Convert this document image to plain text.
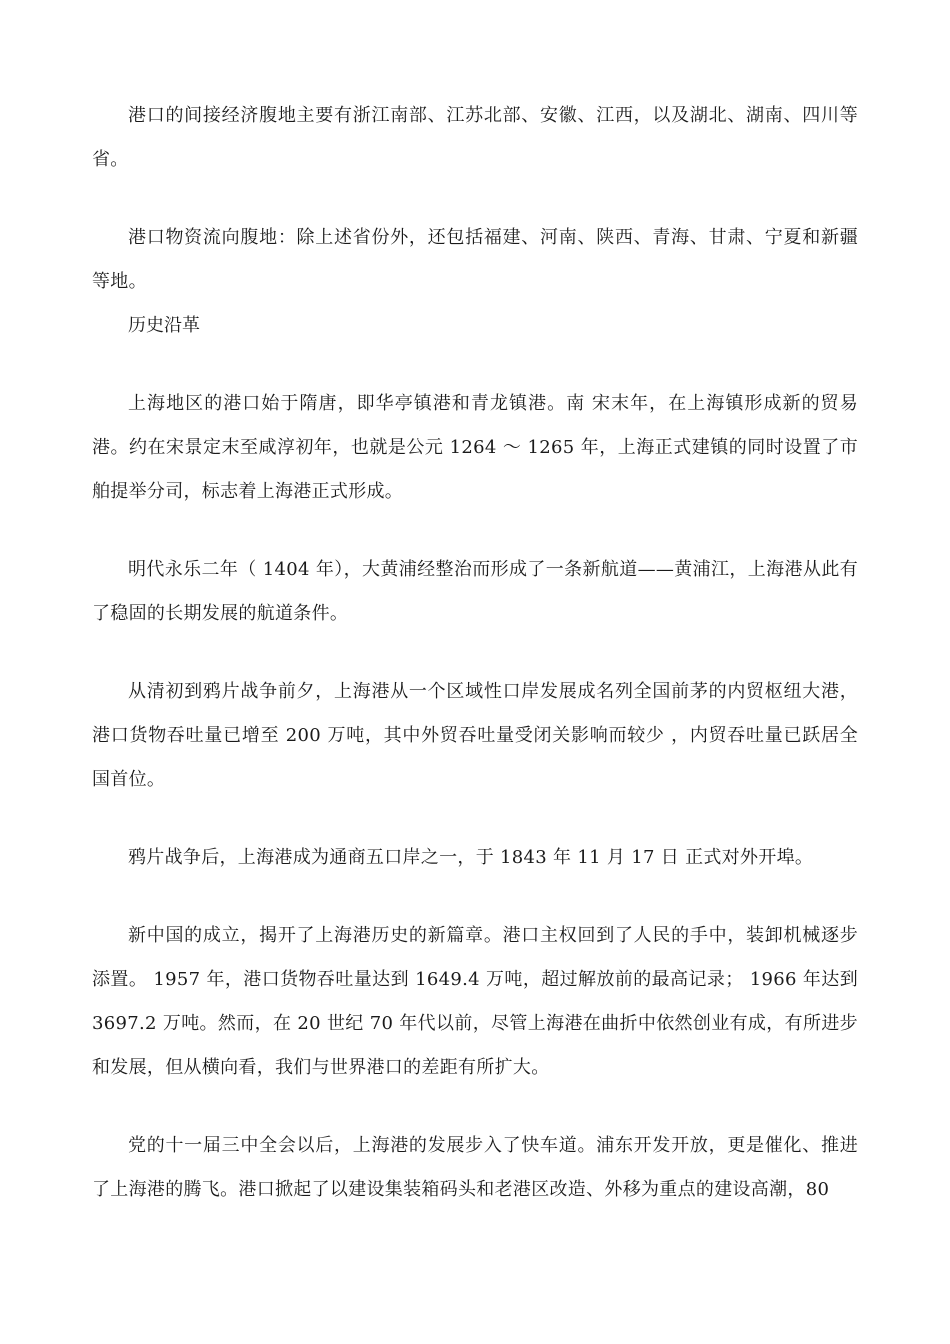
港口的间接经济腹地主要有浙江南部、江苏北部、安徽、江西，以及湖北、湖南、四川等省。

港口物资流向腹地：除上述省份外，还包括福建、河南、陕西、青海、甘肃、宁夏和新疆等地。

历史沿革

上海地区的港口始于隋唐，即华亭镇港和青龙镇港。南 宋末年，在上海镇形成新的贸易港。约在宋景定末至咸淳初年，也就是公元 1264 ～ 1265 年，上海正式建镇的同时设置了市舶提举分司，标志着上海港正式形成。

明代永乐二年（ 1404 年），大黄浦经整治而形成了一条新航道——黄浦江，上海港从此有了稳固的长期发展的航道条件。

从清初到鸦片战争前夕，上海港从一个区域性口岸发展成名列全国前茅的内贸枢纽大港，港口货物吞吐量已增至 200 万吨，其中外贸吞吐量受闭关影响而较少 ，内贸吞吐量已跃居全国首位。

鸦片战争后，上海港成为通商五口岸之一，于 1843 年 11 月 17 日 正式对外开埠。

新中国的成立，揭开了上海港历史的新篇章。港口主权回到了人民的手中，装卸机械逐步添置。 1957 年，港口货物吞吐量达到 1649.4 万吨，超过解放前的最高记录； 1966 年达到 3697.2 万吨。然而，在 20 世纪 70 年代以前，尽管上海港在曲折中依然创业有成，有所进步和发展，但从横向看，我们与世界港口的差距有所扩大。

党的十一届三中全会以后，上海港的发展步入了快车道。浦东开发开放，更是催化、推进了上海港的腾飞。港口掀起了以建设集装箱码头和老港区改造、外移为重点的建设高潮，80
